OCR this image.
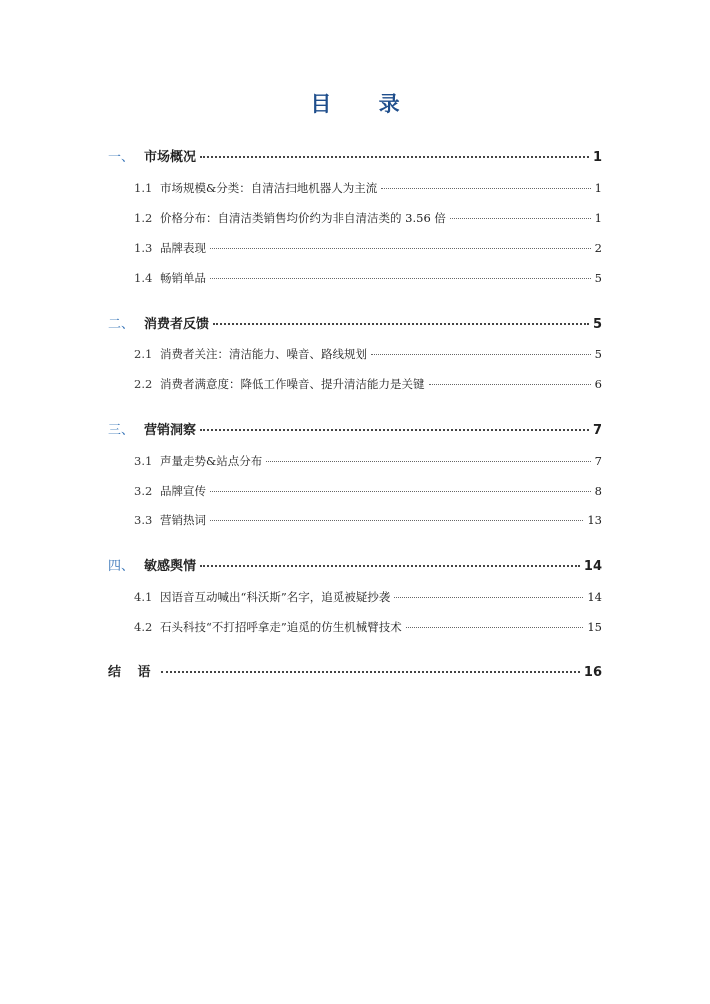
目 录
一、 市场概况	1
1.1 市场规模&分类：自清洁扫地机器人为主流	1
1.2 价格分布：自清洁类销售均价约为非自清洁类的 3.56 倍	1
1.3 品牌表现	2
1.4 畅销单品	5
二、 消费者反馈	5
2.1 消费者关注：清洁能力、噪音、路线规划	5
2.2 消费者满意度：降低工作噪音、提升清洁能力是关键	6
三、 营销洞察	7
3.1 声量走势&站点分布	7
3.2 品牌宣传	8
3.3 营销热词	13
四、 敏感舆情	14
4.1 因语音互动喊出“科沃斯”名字，追觅被疑抄袭	14
4.2 石头科技“不打招呼拿走”追觅的仿生机械臂技术	15
结 语	16
